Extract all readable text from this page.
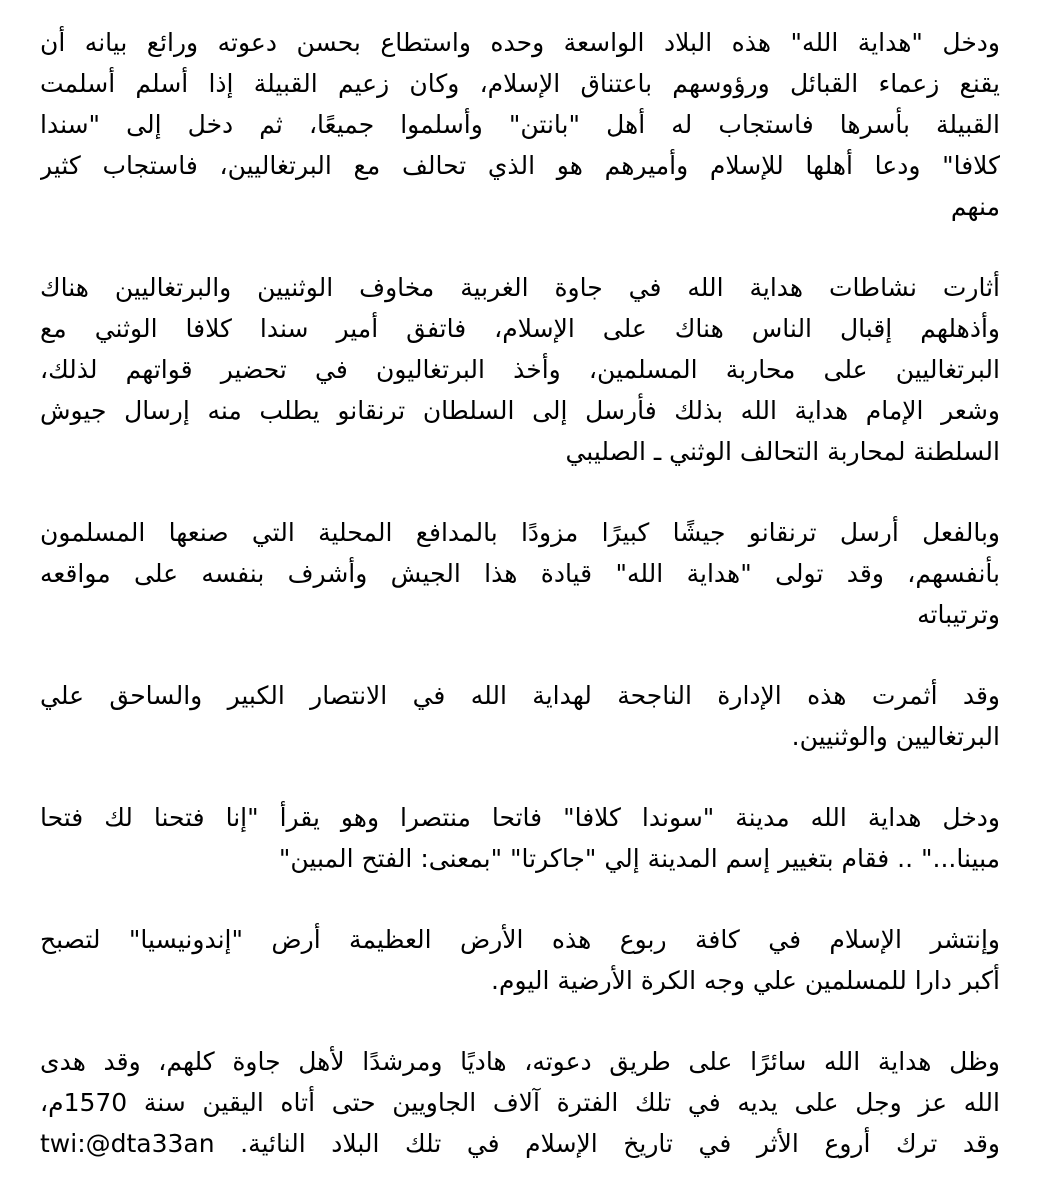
ودخل "هداية الله" هذه البلاد الواسعة وحده واستطاع بحسن دعوته ورائع بيانه أن
يقنع زعماء القبائل ورؤوسهم باعتناق الإسلام، وكان زعيم القبيلة إذا أسلم أسلمت
القبيلة بأسرها فاستجاب له أهل "بانتن" وأسلموا جميعًا، ثم دخل إلى "سندا
كلافا" ودعا أهلها للإسلام وأميرهم هو الذي تحالف مع البرتغاليين، فاستجاب كثير
منهم
أثارت نشاطات هداية الله في جاوة الغربية مخاوف الوثنيين والبرتغاليين هناك
وأذهلهم إقبال الناس هناك على الإسلام، فاتفق أمير سندا كلافا الوثني مع
البرتغاليين على محاربة المسلمين، وأخذ البرتغاليون في تحضير قواتهم لذلك،
وشعر الإمام هداية الله بذلك فأرسل إلى السلطان ترنقانو يطلب منه إرسال جيوش
السلطنة لمحاربة التحالف الوثني ـ الصليبي
وبالفعل أرسل ترنقانو جيشًا كبيرًا مزودًا بالمدافع المحلية التي صنعها المسلمون
بأنفسهم، وقد تولى "هداية الله" قيادة هذا الجيش وأشرف بنفسه على مواقعه
وترتيباته
وقد أثمرت هذه الإدارة الناجحة لهداية الله في الانتصار الكبير والساحق علي
البرتغاليين والوثنيين.
ودخل هداية الله مدينة "سوندا كلافا" فاتحا منتصرا وهو يقرأ "إنا فتحنا لك فتحا
مبينا..." .. فقام بتغيير إسم المدينة إلي "جاكرتا" "بمعنى: الفتح المبين"
وإنتشر الإسلام في كافة ربوع هذه الأرض العظيمة أرض "إندونيسيا" لتصبح
أكبر دارا للمسلمين علي وجه الكرة الأرضية اليوم.
وظل هداية الله سائرًا على طريق دعوته، هاديًا ومرشدًا لأهل جاوة كلهم، وقد هدى
الله عز وجل على يديه في تلك الفترة آلاف الجاويين حتى أتاه اليقين سنة 1570م،
وقد ترك أروع الأثر في تاريخ الإسلام في تلك البلاد النائية. twi:@dta33an
